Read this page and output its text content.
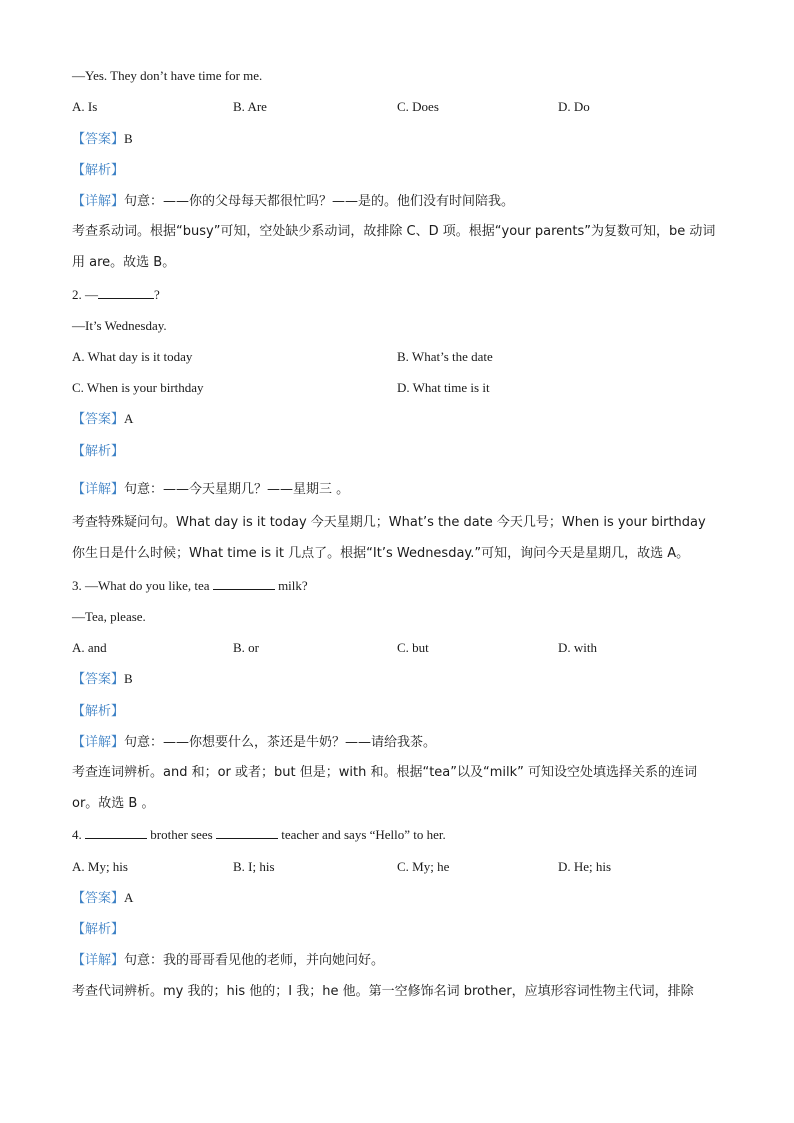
—Yes. They don’t have time for me.
A. Is	B. Are	C. Does	D. Do
【答案】B
【解析】
【详解】句意：——你的父母每天都很忙吗？——是的。他们没有时间陪我。
考查系动词。根据“busy”可知，空处缺少系动词，故排除 C、D 项。根据“your parents”为复数可知，be 动词用 are。故选 B。
2. —	?
—It’s Wednesday.
A. What day is it today	B. What’s the date
C. When is your birthday	D. What time is it
【答案】A
【解析】
【详解】句意：——今天星期几？——星期三 。
考查特殊疑问句。What day is it today 今天星期几；What’s the date 今天几号；When is your birthday 你生日是什么时候；What time is it 几点了。根据“It’s Wednesday.”可知，询问今天是星期几，故选 A。
3. —What do you like, tea	milk?
—Tea, please.
A. and	B. or	C. but	D. with
【答案】B
【解析】
【详解】句意：——你想要什么，茶还是牛奶？——请给我茶。
考查连词辨析。and 和；or 或者；but 但是；with 和。根据“tea”以及“milk” 可知设空处填选择关系的连词 or。故选 B 。
4.	brother sees	teacher and says “Hello” to her.
A. My; his	B. I; his	C. My; he	D. He; his
【答案】A
【解析】
【详解】句意：我的哥哥看见他的老师，并向她问好。
考查代词辨析。my 我的；his 他的；I 我；he 他。第一空修饰名词 brother，应填形容词性物主代词，排除
